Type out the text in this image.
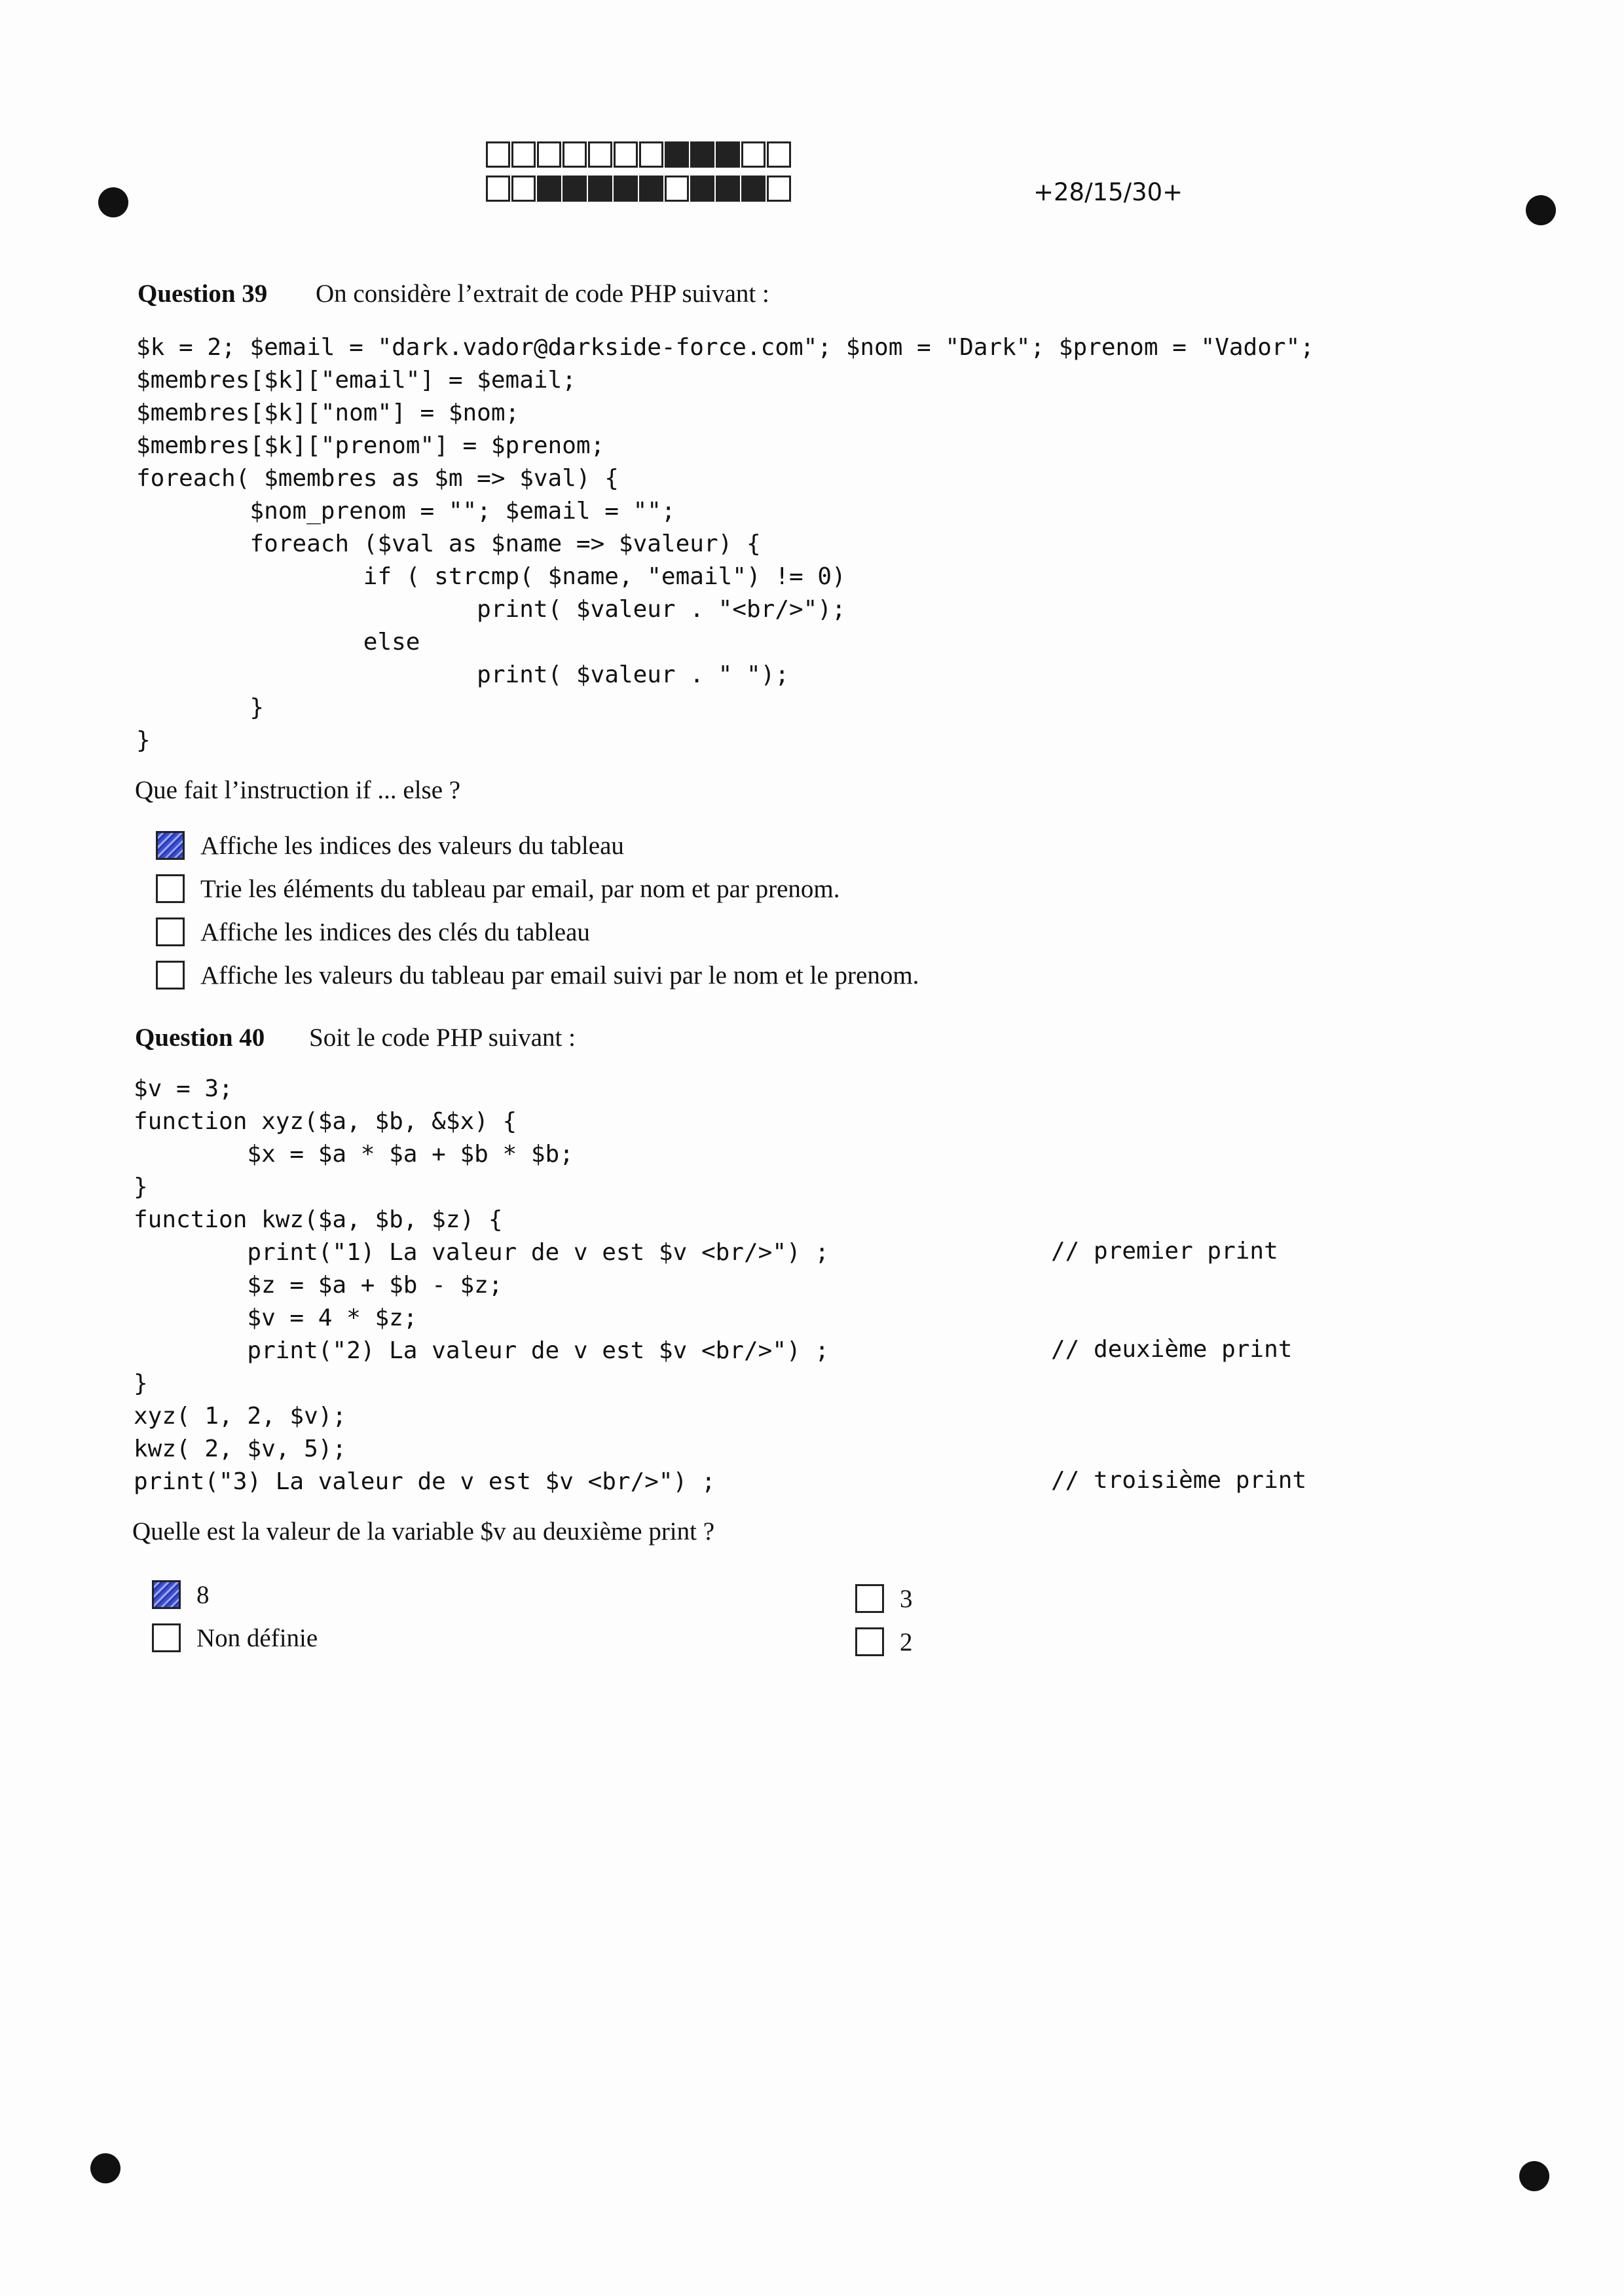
+28/15/30+
Question 39 On considère l’extrait de code PHP suivant :
$k = 2; $email = "dark.vador@darkside-force.com"; $nom = "Dark"; $prenom = "Vador";
$membres[$k]["email"] = $email;
$membres[$k]["nom"] = $nom;
$membres[$k]["prenom"] = $prenom;
foreach( $membres as $m => $val) {
$nom_prenom = ""; $email = "";
foreach ($val as $name => $valeur) {
if ( strcmp( $name, "email") != 0)
print( $valeur . "<br/>");
else
print( $valeur . " ");
}
}
Que fait l’instruction if ... else ?
Affiche les indices des valeurs du tableau
Trie les éléments du tableau par email, par nom et par prenom.
Affiche les indices des clés du tableau
Affiche les valeurs du tableau par email suivi par le nom et le prenom.
Question 40 Soit le code PHP suivant :
$v = 3;
function xyz($a, $b, &$x) {
$x = $a * $a + $b * $b;
}
function kwz($a, $b, $z) {
print("1) La valeur de v est $v <br/>") ;
$z = $a + $b - $z;
$v = 4 * $z;
print("2) La valeur de v est $v <br/>") ;
}
xyz( 1, 2, $v);
kwz( 2, $v, 5);
print("3) La valeur de v est $v <br/>") ;
// premier print
// deuxième print
// troisième print
Quelle est la valeur de la variable $v au deuxième print ?
8
Non définie
3
2
